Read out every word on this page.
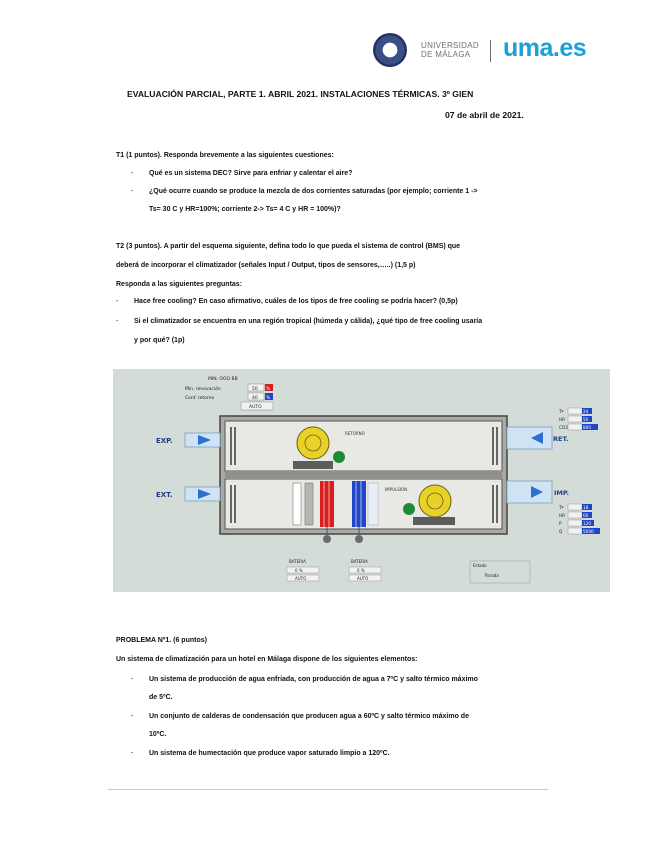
UNIVERSIDAD
DE MÁLAGA	uma.es
EVALUACIÓN PARCIAL, PARTE 1. ABRIL 2021. INSTALACIONES TÉRMICAS. 3º GIEN
07 de abril de 2021.
T1 (1 puntos). Responda brevemente a las siguientes cuestiones:
- Qué es un sistema DEC? Sirve para enfriar y calentar el aire?
- ¿Qué ocurre cuando se produce la mezcla de dos corrientes saturadas (por ejemplo; corriente 1 ->
Ts= 30 C y HR=100%; corriente 2-> Ts= 4 C y HR = 100%)?
T2 (3 puntos). A partir del esquema siguiente, defina todo lo que pueda el sistema de control (BMS) que
deberá de incorporar el climatizador (señales Input / Output, tipos de sensores,…..) (1,5 p)
Responda a las siguientes preguntas:
- Hace free cooling? En caso afirmativo, cuáles de los tipos de free cooling se podría hacer? (0,5p)
- Si el climatizador se encuentra en una región tropical (húmeda y cálida), ¿qué tipo de free cooling usaría
y por qué? (1p)
MIN. OOO BB
Min. renovación	50 %
Conf. retorno	40 %
AUTO
EXP.
EXT.
RET.
IMP.
RETORNO
IMPULSION
Tª	24
HR	50
CO2	800
Tª	18
HR	60
P	120
Q	5000
BATERIA
0 %
AUTO
BATERIA
0 %
AUTO
Estado
Parada
PROBLEMA Nº1. (6 puntos)
Un sistema de climatización para un hotel en Málaga dispone de los siguientes elementos:
- Un sistema de producción de agua enfriada, con producción de agua a 7ºC y salto térmico máximo
de 5ºC.
- Un conjunto de calderas de condensación que producen agua a 60ºC y salto térmico máximo de
10ºC.
- Un sistema de humectación que produce vapor saturado limpio a 120ºC.
